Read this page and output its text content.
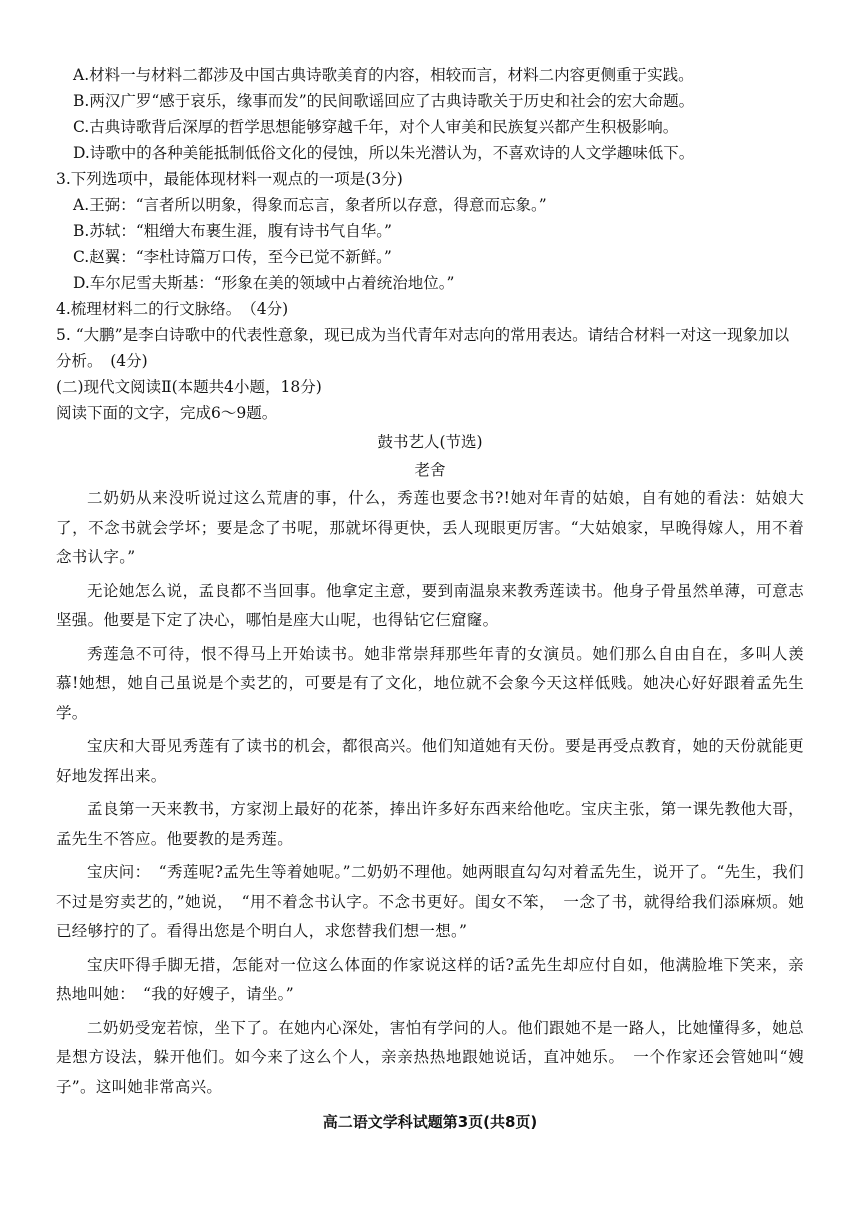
A.材料一与材料二都涉及中国古典诗歌美育的内容，相较而言，材料二内容更侧重于实践。
B.两汉广罗“感于哀乐，缘事而发”的民间歌谣回应了古典诗歌关于历史和社会的宏大命题。
C.古典诗歌背后深厚的哲学思想能够穿越千年，对个人审美和民族复兴都产生积极影响。
D.诗歌中的各种美能抵制低俗文化的侵蚀，所以朱光潜认为，不喜欢诗的人文学趣味低下。
3.下列选项中，最能体现材料一观点的一项是(3分)
A.王弼：“言者所以明象，得象而忘言，象者所以存意，得意而忘象。”
B.苏轼：“粗缯大布裹生涯，腹有诗书气自华。”
C.赵翼：“李杜诗篇万口传，至今已觉不新鲜。”
D.车尔尼雪夫斯基：“形象在美的领域中占着统治地位。”
4.梳理材料二的行文脉络。　（4分)
5. “大鹏”是李白诗歌中的代表性意象，现已成为当代青年对志向的常用表达。请结合材料一对这一现象加以分析。　(4分)
(二)现代文阅读Ⅱ(本题共4小题，18分)
阅读下面的文字，完成6～9题。
鼓书艺人(节选)
老舍

二奶奶从来没听说过这么荒唐的事，什么，秀莲也要念书?!她对年青的姑娘，自有她的看法：姑娘大了，不念书就会学坏；要是念了书呢，那就坏得更快，丢人现眼更厉害。“大姑娘家，早晚得嫁人，用不着念书认字。”

无论她怎么说，孟良都不当回事。他拿定主意，要到南温泉来教秀莲读书。他身子骨虽然单薄，可意志坚强。他要是下定了决心，哪怕是座大山呢，也得钻它仨窟窿。

秀莲急不可待，恨不得马上开始读书。她非常崇拜那些年青的女演员。她们那么自由自在，多叫人羡慕!她想，她自己虽说是个卖艺的，可要是有了文化，地位就不会象今天这样低贱。她决心好好跟着孟先生学。

宝庆和大哥见秀莲有了读书的机会，都很高兴。他们知道她有天份。要是再受点教育，她的天份就能更好地发挥出来。

孟良第一天来教书，方家沏上最好的花茶，捧出许多好东西来给他吃。宝庆主张，第一课先教他大哥，孟先生不答应。他要教的是秀莲。

宝庆问：　“秀莲呢?孟先生等着她呢。”二奶奶不理他。她两眼直勾勾对着孟先生，说开了。“先生，我们不过是穷卖艺的，”她说，　“用不着念书认字。不念书更好。闺女不笨，　一念了书，就得给我们添麻烦。她已经够拧的了。看得出您是个明白人，求您替我们想一想。”

宝庆吓得手脚无措，怎能对一位这么体面的作家说这样的话?孟先生却应付自如，他满脸堆下笑来，亲热地叫她：　“我的好嫂子，请坐。”

二奶奶受宠若惊，坐下了。在她内心深处，害怕有学问的人。他们跟她不是一路人，比她懂得多，她总是想方设法，躲开他们。如今来了这么个人，亲亲热热地跟她说话，直冲她乐。　一个作家还会管她叫“嫂子”。这叫她非常高兴。

高二语文学科试题第3页(共8页)
